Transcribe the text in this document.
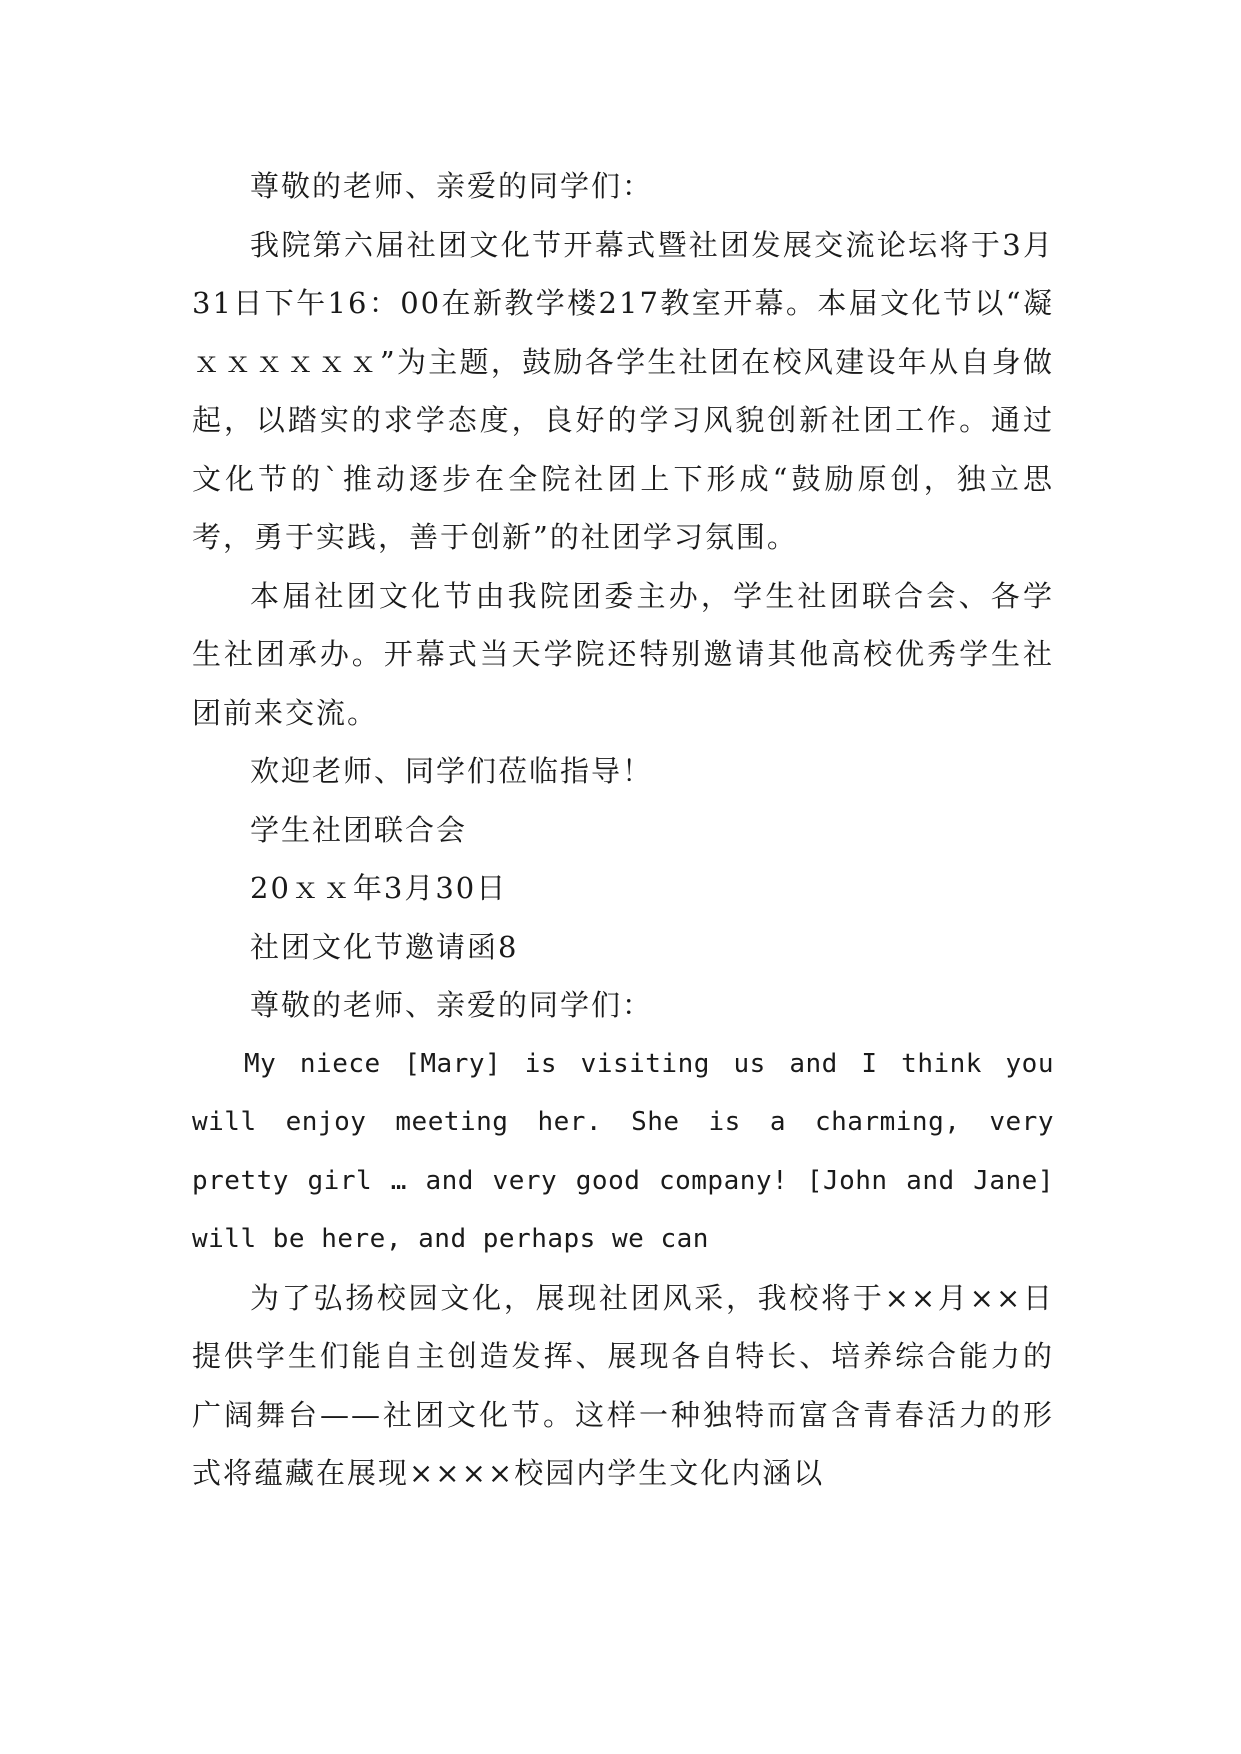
尊敬的老师、亲爱的同学们：

我院第六届社团文化节开幕式暨社团发展交流论坛将于3月31日下午16：00在新教学楼217教室开幕。本届文化节以“凝ｘｘｘｘｘｘ”为主题，鼓励各学生社团在校风建设年从自身做起，以踏实的求学态度，良好的学习风貌创新社团工作。通过文化节的`推动逐步在全院社团上下形成“鼓励原创，独立思考，勇于实践，善于创新”的社团学习氛围。

本届社团文化节由我院团委主办，学生社团联合会、各学生社团承办。开幕式当天学院还特别邀请其他高校优秀学生社团前来交流。

欢迎老师、同学们莅临指导！

学生社团联合会

20ｘｘ年3月30日

社团文化节邀请函8

尊敬的老师、亲爱的同学们：

My niece [Mary] is visiting us and I think you will enjoy meeting her. She is a charming, very pretty girl … and very good company! [John and Jane] will be here, and perhaps we can

为了弘扬校园文化，展现社团风采，我校将于××月××日提供学生们能自主创造发挥、展现各自特长、培养综合能力的广阔舞台——社团文化节。这样一种独特而富含青春活力的形式将蕴藏在展现××××校园内学生文化内涵以
